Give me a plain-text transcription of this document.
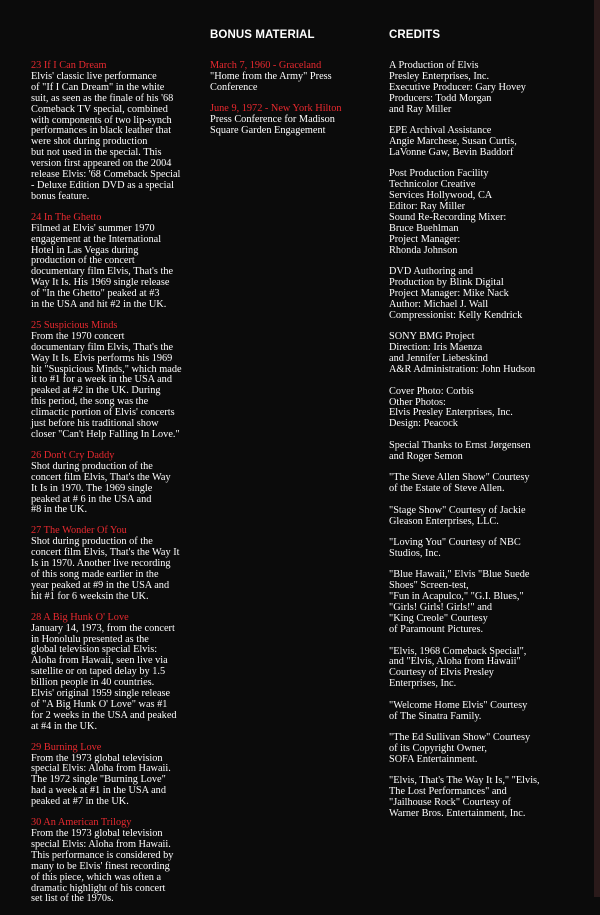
BONUS MATERIAL	CREDITS
23 If I Can Dream
Elvis' classic live performance
of "If I Can Dream" in the white
suit, as seen as the finale of his '68
Comeback TV special, combined
with components of two lip-synch
performances in black leather that
were shot during production
but not used in the special. This
version first appeared on the 2004
release Elvis: '68 Comeback Special
- Deluxe Edition DVD as a special
bonus feature.
24 In The Ghetto
Filmed at Elvis' summer 1970
engagement at the International
Hotel in Las Vegas during
production of the concert
documentary film Elvis, That's the
Way It Is. His 1969 single release
of "In the Ghetto" peaked at #3
in the USA and hit #2 in the UK.
25 Suspicious Minds
From the 1970 concert
documentary film Elvis, That's the
Way It Is. Elvis performs his 1969
hit "Suspicious Minds," which made
it to #1 for a week in the USA and
peaked at #2 in the UK. During
this period, the song was the
climactic portion of Elvis' concerts
just before his traditional show
closer "Can't Help Falling In Love."
26 Don't Cry Daddy
Shot during production of the
concert film Elvis, That's the Way
It Is in 1970. The 1969 single
peaked at # 6 in the USA and
#8 in the UK.
27 The Wonder Of You
Shot during production of the
concert film Elvis, That's the Way It
Is in 1970. Another live recording
of this song made earlier in the
year peaked at #9 in the USA and
hit #1 for 6 weeksin the UK.
28 A Big Hunk O' Love
January 14, 1973, from the concert
in Honolulu presented as the
global television special Elvis:
Aloha from Hawaii, seen live via
satellite or on taped delay by 1.5
billion people in 40 countries.
Elvis' original 1959 single release
of "A Big Hunk O' Love" was #1
for 2 weeks in the USA and peaked
at #4 in the UK.
29 Burning Love
From the 1973 global television
special Elvis: Aloha from Hawaii.
The 1972 single "Burning Love"
had a week at #1 in the USA and
peaked at #7 in the UK.
30 An American Trilogy
From the 1973 global television
special Elvis: Aloha from Hawaii.
This performance is considered by
many to be Elvis' finest recording
of this piece, which was often a
dramatic highlight of his concert
set list of the 1970s.
March 7, 1960 - Graceland
"Home from the Army" Press
Conference
June 9, 1972 - New York Hilton
Press Conference for Madison
Square Garden Engagement
A Production of Elvis
Presley Enterprises, Inc.
Executive Producer: Gary Hovey
Producers: Todd Morgan
and Ray Miller
EPE Archival Assistance
Angie Marchese, Susan Curtis,
LaVonne Gaw, Bevin Baddorf
Post Production Facility
Technicolor Creative
Services Hollywood, CA
Editor: Ray Miller
Sound Re-Recording Mixer:
Bruce Buehlman
Project Manager:
Rhonda Johnson
DVD Authoring and
Production by Blink Digital
Project Manager: Mike Nack
Author: Michael J. Wall
Compressionist: Kelly Kendrick
SONY BMG Project
Direction: Iris Maenza
and Jennifer Liebeskind
A&R Administration: John Hudson
Cover Photo: Corbis
Other Photos:
Elvis Presley Enterprises, Inc.
Design: Peacock
Special Thanks to Ernst Jørgensen
and Roger Semon
"The Steve Allen Show" Courtesy
of the Estate of Steve Allen.
"Stage Show" Courtesy of Jackie
Gleason Enterprises, LLC.
"Loving You" Courtesy of NBC
Studios, Inc.
"Blue Hawaii," Elvis "Blue Suede
Shoes" Screen-test,
"Fun in Acapulco," "G.I. Blues,"
"Girls! Girls! Girls!" and
"King Creole" Courtesy
of Paramount Pictures.
"Elvis, 1968 Comeback Special",
and "Elvis, Aloha from Hawaii"
Courtesy of Elvis Presley
Enterprises, Inc.
"Welcome Home Elvis" Courtesy
of The Sinatra Family.
"The Ed Sullivan Show" Courtesy
of its Copyright Owner,
SOFA Entertainment.
"Elvis, That's The Way It Is," "Elvis,
The Lost Performances" and
"Jailhouse Rock" Courtesy of
Warner Bros. Entertainment, Inc.
